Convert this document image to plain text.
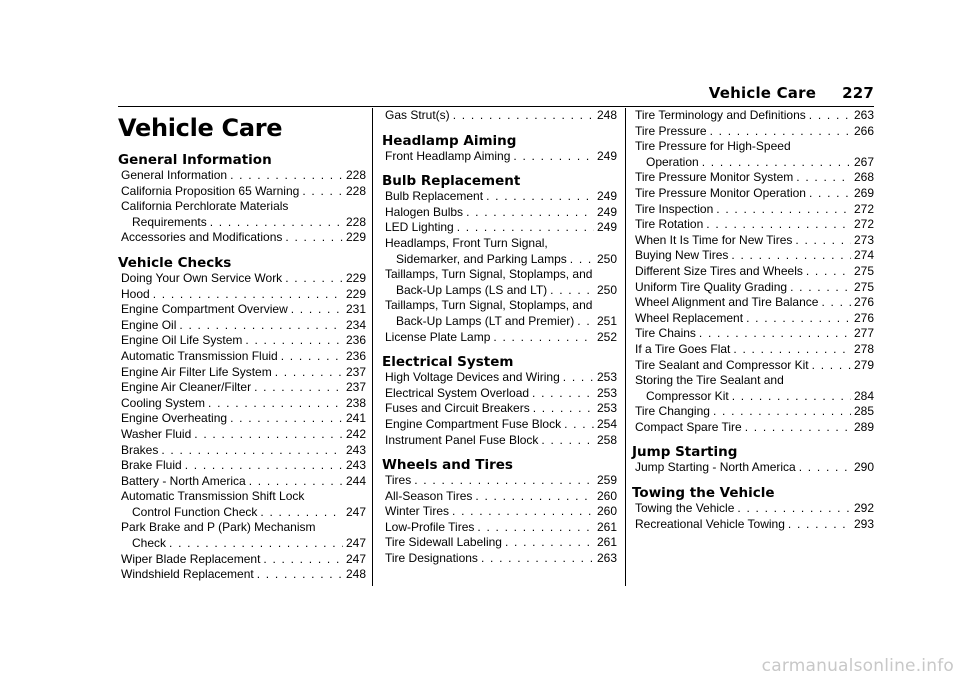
Vehicle Care 227
Vehicle Care
General Information
General Information . . .	228
California Proposition 65 Warning . . .	228
California Perchlorate Materials
Requirements . . .	228
Accessories and Modifications . . .	229
Vehicle Checks
Doing Your Own Service Work . . .	229
Hood . . .	229
Engine Compartment Overview . . .	231
Engine Oil . . .	234
Engine Oil Life System . . .	236
Automatic Transmission Fluid . . .	236
Engine Air Filter Life System . . .	237
Engine Air Cleaner/Filter . . .	237
Cooling System . . .	238
Engine Overheating . . .	241
Washer Fluid . . .	242
Brakes . . .	243
Brake Fluid . . .	243
Battery - North America . . .	244
Automatic Transmission Shift Lock
Control Function Check . . .	247
Park Brake and P (Park) Mechanism
Check . . .	247
Wiper Blade Replacement . . .	247
Windshield Replacement . . .	248
Gas Strut(s) . . .	248
Headlamp Aiming
Front Headlamp Aiming . . .	249
Bulb Replacement
Bulb Replacement . . .	249
Halogen Bulbs . . .	249
LED Lighting . . .	249
Headlamps, Front Turn Signal,
Sidemarker, and Parking Lamps . . .	250
Taillamps, Turn Signal, Stoplamps, and
Back-Up Lamps (LS and LT) . . .	250
Taillamps, Turn Signal, Stoplamps, and
Back-Up Lamps (LT and Premier) . . . 251
License Plate Lamp . . .	252
Electrical System
High Voltage Devices and Wiring . . .	253
Electrical System Overload . . .	253
Fuses and Circuit Breakers . . .	253
Engine Compartment Fuse Block . . .	254
Instrument Panel Fuse Block . . .	258
Wheels and Tires
Tires . . .	259
All-Season Tires . . .	260
Winter Tires . . .	260
Low-Profile Tires . . .	261
Tire Sidewall Labeling . . .	261
Tire Designations . . .	263
Tire Terminology and Definitions . . .	263
Tire Pressure . . .	266
Tire Pressure for High-Speed
Operation . . .	267
Tire Pressure Monitor System . . .	268
Tire Pressure Monitor Operation . . .	269
Tire Inspection . . .	272
Tire Rotation . . .	272
When It Is Time for New Tires . . .	273
Buying New Tires . . .	274
Different Size Tires and Wheels . . .	275
Uniform Tire Quality Grading . . .	275
Wheel Alignment and Tire Balance . . .	276
Wheel Replacement . . .	276
Tire Chains . . .	277
If a Tire Goes Flat . . .	278
Tire Sealant and Compressor Kit . . .	279
Storing the Tire Sealant and
Compressor Kit . . .	284
Tire Changing . . .	285
Compact Spare Tire . . .	289
Jump Starting
Jump Starting - North America . . .	290
Towing the Vehicle
Towing the Vehicle . . .	292
Recreational Vehicle Towing . . .	293
carmanualsonline.info
